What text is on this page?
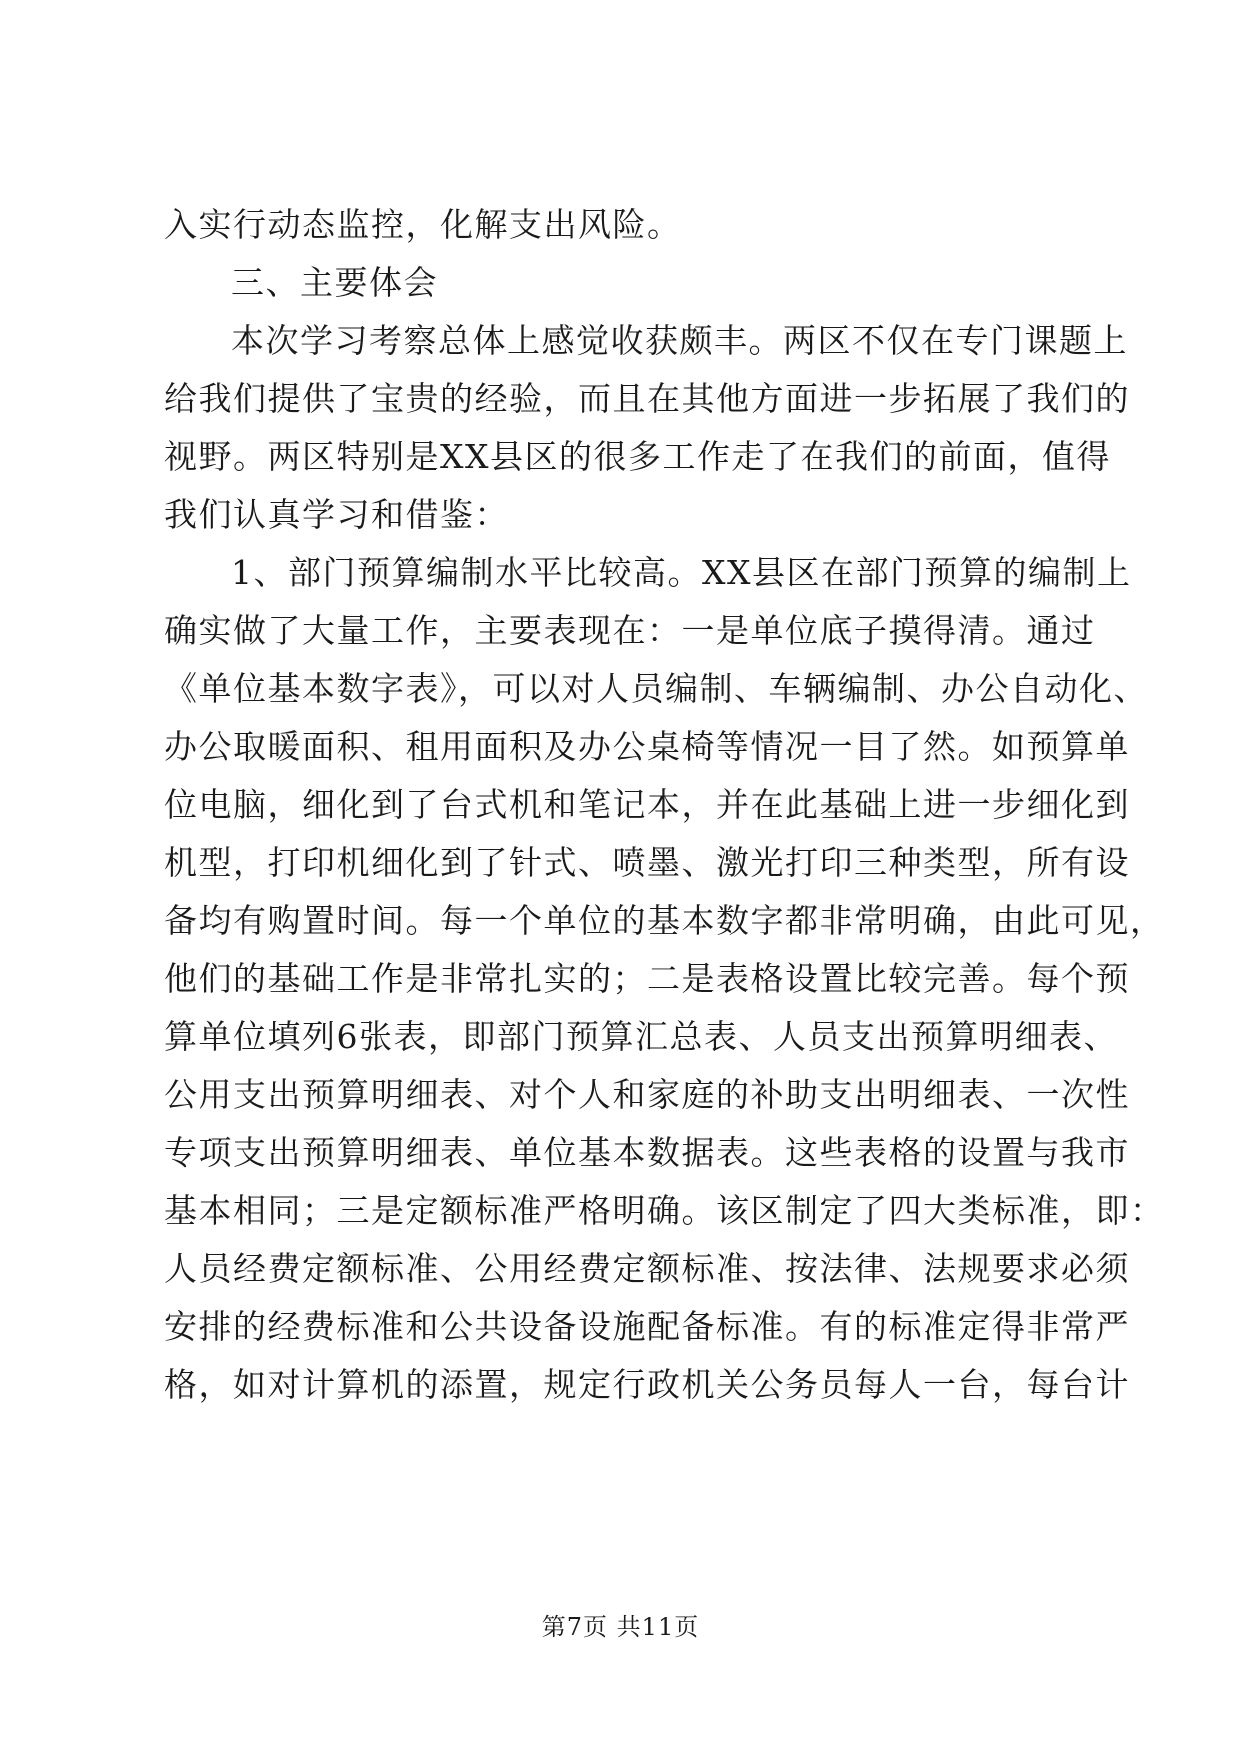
入实行动态监控，化解支出风险。
三、主要体会
本次学习考察总体上感觉收获颇丰。两区不仅在专门课题上
给我们提供了宝贵的经验，而且在其他方面进一步拓展了我们的
视野。两区特别是XX县区的很多工作走了在我们的前面，值得
我们认真学习和借鉴：
1、部门预算编制水平比较高。XX县区在部门预算的编制上
确实做了大量工作，主要表现在：一是单位底子摸得清。通过
《单位基本数字表》，可以对人员编制、车辆编制、办公自动化、
办公取暖面积、租用面积及办公桌椅等情况一目了然。如预算单
位电脑，细化到了台式机和笔记本，并在此基础上进一步细化到
机型，打印机细化到了针式、喷墨、激光打印三种类型，所有设
备均有购置时间。每一个单位的基本数字都非常明确，由此可见，
他们的基础工作是非常扎实的；二是表格设置比较完善。每个预
算单位填列6张表，即部门预算汇总表、人员支出预算明细表、
公用支出预算明细表、对个人和家庭的补助支出明细表、一次性
专项支出预算明细表、单位基本数据表。这些表格的设置与我市
基本相同；三是定额标准严格明确。该区制定了四大类标准，即：
人员经费定额标准、公用经费定额标准、按法律、法规要求必须
安排的经费标准和公共设备设施配备标准。有的标准定得非常严
格，如对计算机的添置，规定行政机关公务员每人一台，每台计
第7页 共11页
